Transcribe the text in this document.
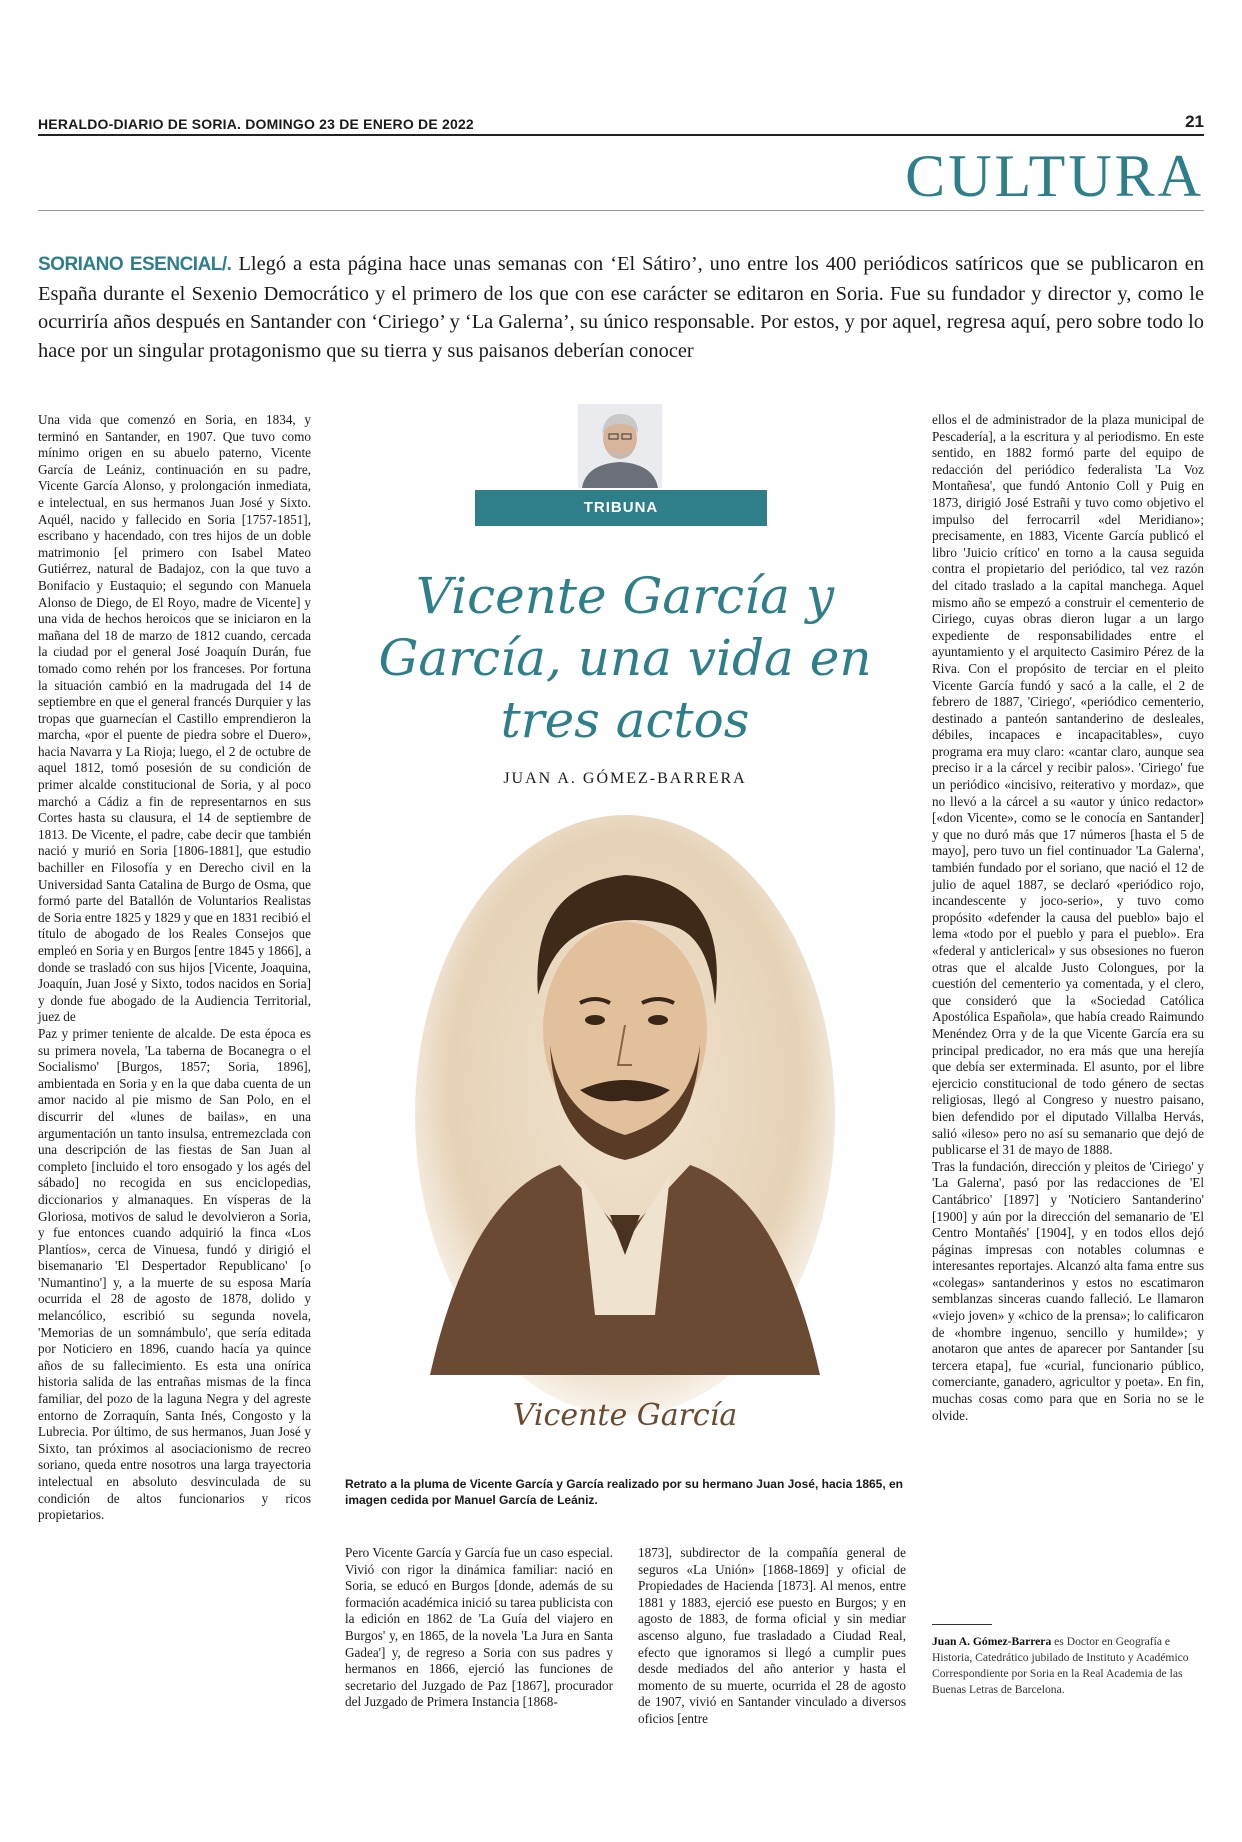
HERALDO-DIARIO DE SORIA. DOMINGO 23 DE ENERO DE 2022	21
CULTURA
SORIANO ESENCIAL/. Llegó a esta página hace unas semanas con ‘El Sátiro’, uno entre los 400 periódicos satíricos que se publicaron en España durante el Sexenio Democrático y el primero de los que con ese carácter se editaron en Soria. Fue su fundador y director y, como le ocurriría años después en Santander con ‘Ciriego’ y ‘La Galerna’, su único responsable. Por estos, y por aquel, regresa aquí, pero sobre todo lo hace por un singular protagonismo que su tierra y sus paisanos deberían conocer
Una vida que comenzó en Soria, en 1834, y terminó en Santander, en 1907. Que tuvo como mínimo origen en su abuelo paterno, Vicente García de Leániz, continuación en su padre, Vicente García Alonso, y prolongación inmediata, e intelectual, en sus hermanos Juan José y Sixto. Aquél, nacido y fallecido en Soria [1757-1851], escribano y hacendado, con tres hijos de un doble matrimonio [el primero con Isabel Mateo Gutiérrez, natural de Badajoz, con la que tuvo a Bonifacio y Eustaquio; el segundo con Manuela Alonso de Diego, de El Royo, madre de Vicente] y una vida de hechos heroicos que se iniciaron en la mañana del 18 de marzo de 1812 cuando, cercada la ciudad por el general José Joaquín Durán, fue tomado como rehén por los franceses. Por fortuna la situación cambió en la madrugada del 14 de septiembre en que el general francés Durquier y las tropas que guarnecían el Castillo emprendieron la marcha, «por el puente de piedra sobre el Duero», hacia Navarra y La Rioja; luego, el 2 de octubre de aquel 1812, tomó posesión de su condición de primer alcalde constitucional de Soria, y al poco marchó a Cádiz a fin de representarnos en sus Cortes hasta su clausura, el 14 de septiembre de 1813. De Vicente, el padre, cabe decir que también nació y murió en Soria [1806-1881], que estudio bachiller en Filosofía y en Derecho civil en la Universidad Santa Catalina de Burgo de Osma, que formó parte del Batallón de Voluntarios Realistas de Soria entre 1825 y 1829 y que en 1831 recibió el título de abogado de los Reales Consejos que empleó en Soria y en Burgos [entre 1845 y 1866], a donde se trasladó con sus hijos [Vicente, Joaquina, Joaquín, Juan José y Sixto, todos nacidos en Soria] y donde fue abogado de la Audiencia Territorial, juez de
Paz y primer teniente de alcalde. De esta época es su primera novela, 'La taberna de Bocanegra o el Socialismo' [Burgos, 1857; Soria, 1896], ambientada en Soria y en la que daba cuenta de un amor nacido al pie mismo de San Polo, en el discurrir del «lunes de bailas», en una argumentación un tanto insulsa, entremezclada con una descripción de las fiestas de San Juan al completo [incluido el toro ensogado y los agés del sábado] no recogida en sus enciclopedias, diccionarios y almanaques. En vísperas de la Gloriosa, motivos de salud le devolvieron a Soria, y fue entonces cuando adquirió la finca «Los Plantíos», cerca de Vinuesa, fundó y dirigió el bisemanario 'El Despertador Republicano' [o 'Numantino'] y, a la muerte de su esposa María ocurrida el 28 de agosto de 1878, dolido y melancólico, escribió su segunda novela, 'Memorias de un somnámbulo', que sería editada por Noticiero en 1896, cuando hacía ya quince años de su fallecimiento. Es esta una onírica historia salida de las entrañas mismas de la finca familiar, del pozo de la laguna Negra y del agreste entorno de Zorraquín, Santa Inés, Congosto y la Lubrecia. Por último, de sus hermanos, Juan José y Sixto, tan próximos al asociacionismo de recreo soriano, queda entre nosotros una larga trayectoria intelectual en absoluto desvinculada de su condición de altos funcionarios y ricos propietarios.
TRIBUNA
Vicente García y García, una vida en tres actos
JUAN A. GÓMEZ-BARRERA
Vicente García
Retrato a la pluma de Vicente García y García realizado por su hermano Juan José, hacia 1865, en imagen cedida por Manuel García de Leániz.
Pero Vicente García y García fue un caso especial. Vivió con rigor la dinámica familiar: nació en Soria, se educó en Burgos [donde, además de su formación académica inició su tarea publicista con la edición en 1862 de 'La Guía del viajero en Burgos' y, en 1865, de la novela 'La Jura en Santa Gadea'] y, de regreso a Soria con sus padres y hermanos en 1866, ejerció las funciones de secretario del Juzgado de Paz [1867], procurador del Juzgado de Primera Instancia [1868-
1873], subdirector de la compañía general de seguros «La Unión» [1868-1869] y oficial de Propiedades de Hacienda [1873]. Al menos, entre 1881 y 1883, ejerció ese puesto en Burgos; y en agosto de 1883, de forma oficial y sin mediar ascenso alguno, fue trasladado a Ciudad Real, efecto que ignoramos si llegó a cumplir pues desde mediados del año anterior y hasta el momento de su muerte, ocurrida el 28 de agosto de 1907, vivió en Santander vinculado a diversos oficios [entre
ellos el de administrador de la plaza municipal de Pescadería], a la escritura y al periodismo. En este sentido, en 1882 formó parte del equipo de redacción del periódico federalista 'La Voz Montañesa', que fundó Antonio Coll y Puig en 1873, dirigió José Estrañi y tuvo como objetivo el impulso del ferrocarril «del Meridiano»; precisamente, en 1883, Vicente García publicó el libro 'Juicio crítico' en torno a la causa seguida contra el propietario del periódico, tal vez razón del citado traslado a la capital manchega. Aquel mismo año se empezó a construir el cementerio de Ciriego, cuyas obras dieron lugar a un largo expediente de responsabilidades entre el ayuntamiento y el arquitecto Casimiro Pérez de la Riva. Con el propósito de terciar en el pleito Vicente García fundó y sacó a la calle, el 2 de febrero de 1887, 'Ciriego', «periódico cementerio, destinado a panteón santanderino de desleales, débiles, incapaces e incapacitables», cuyo programa era muy claro: «cantar claro, aunque sea preciso ir a la cárcel y recibir palos». 'Ciriego' fue un periódico «incisivo, reiterativo y mordaz», que no llevó a la cárcel a su «autor y único redactor» [«don Vicente», como se le conocía en Santander] y que no duró más que 17 números [hasta el 5 de mayo], pero tuvo un fiel continuador 'La Galerna', también fundado por el soriano, que nació el 12 de julio de aquel 1887, se declaró «periódico rojo, incandescente y joco-serio», y tuvo como propósito «defender la causa del pueblo» bajo el lema «todo por el pueblo y para el pueblo». Era «federal y anticlerical» y sus obsesiones no fueron otras que el alcalde Justo Colongues, por la cuestión del cementerio ya comentada, y el clero, que consideró que la «Sociedad Católica Apostólica Española», que había creado Raimundo Menéndez Orra y de la que Vicente García era su principal predicador, no era más que una herejía que debía ser exterminada. El asunto, por el libre ejercicio constitucional de todo género de sectas religiosas, llegó al Congreso y nuestro paisano, bien defendido por el diputado Villalba Hervás, salió «ileso» pero no así su semanario que dejó de publicarse el 31 de mayo de 1888.
Tras la fundación, dirección y pleitos de 'Ciriego' y 'La Galerna', pasó por las redacciones de 'El Cantábrico' [1897] y 'Noticiero Santanderino' [1900] y aún por la dirección del semanario de 'El Centro Montañés' [1904], y en todos ellos dejó páginas impresas con notables columnas e interesantes reportajes. Alcanzó alta fama entre sus «colegas» santanderinos y estos no escatimaron semblanzas sinceras cuando falleció. Le llamaron «viejo joven» y «chico de la prensa»; lo calificaron de «hombre ingenuo, sencillo y humilde»; y anotaron que antes de aparecer por Santander [su tercera etapa], fue «curial, funcionario público, comerciante, ganadero, agricultor y poeta». En fin, muchas cosas como para que en Soria no se le olvide.
Juan A. Gómez-Barrera es Doctor en Geografía e Historia, Catedrático jubilado de Instituto y Académico Correspondiente por Soria en la Real Academia de las Buenas Letras de Barcelona.
